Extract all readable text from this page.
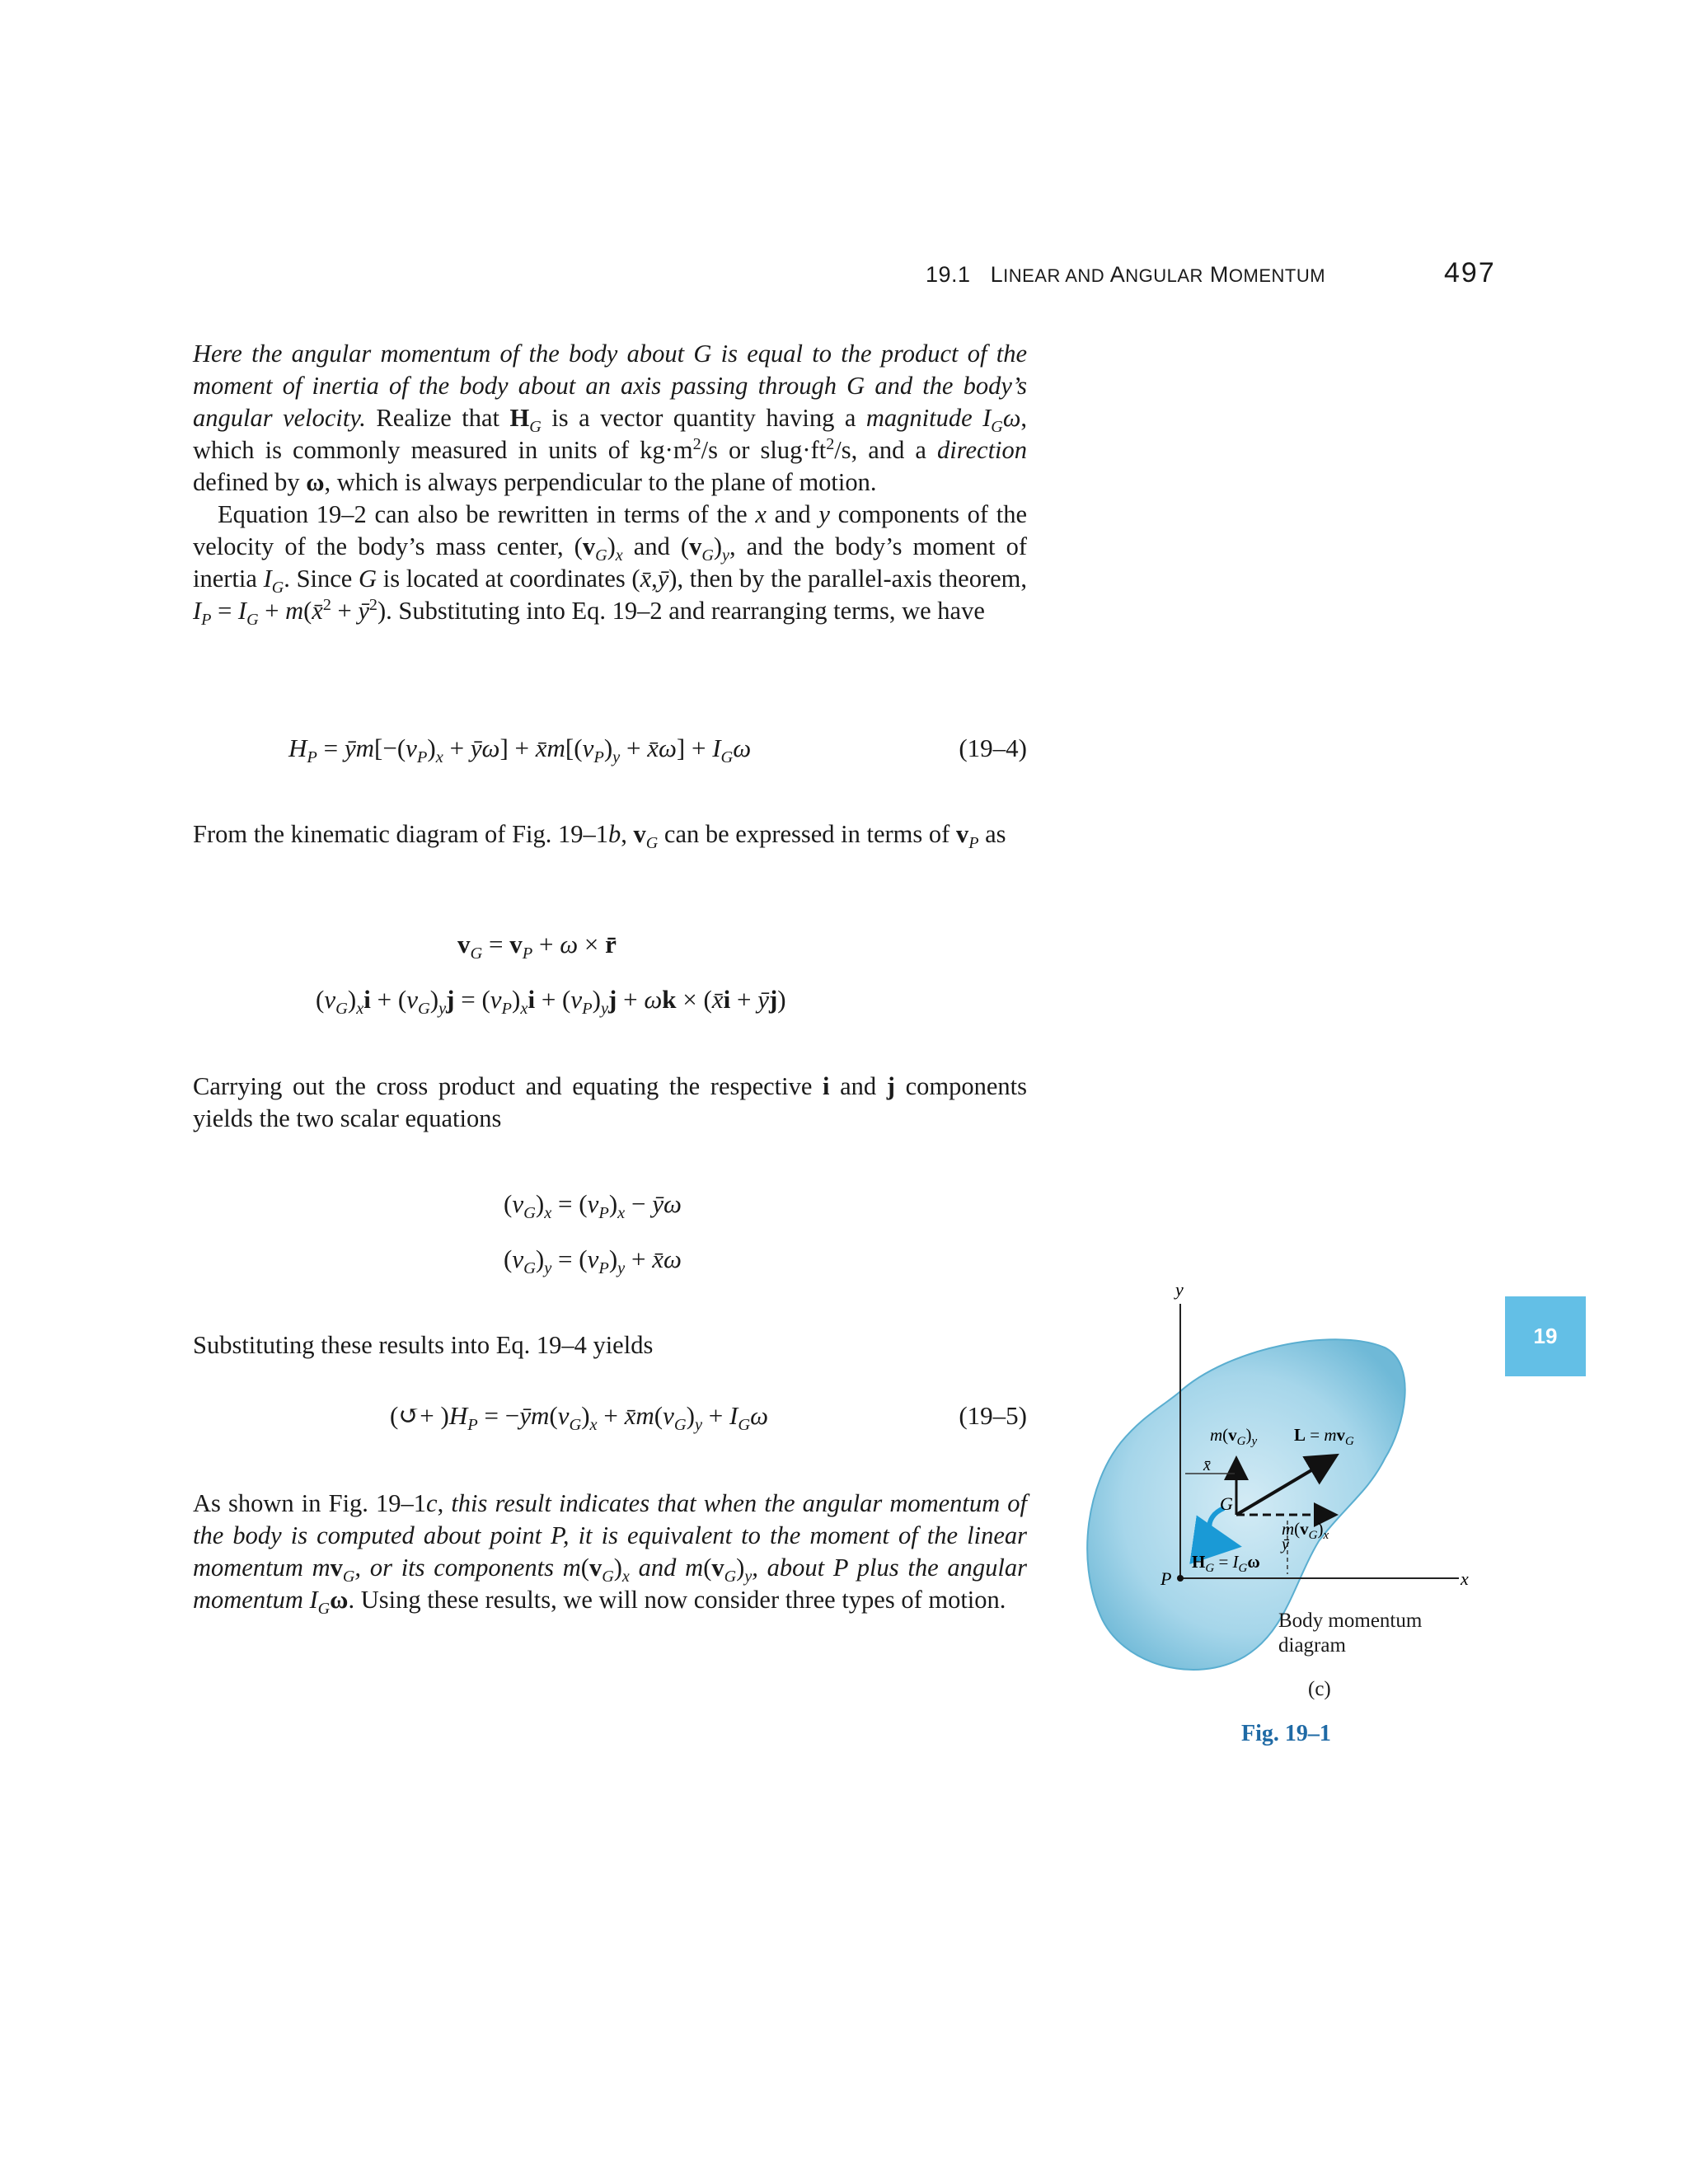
19.1 LINEAR AND ANGULAR MOMENTUM	497

Here the angular momentum of the body about G is equal to the product of the moment of inertia of the body about an axis passing through G and the body’s angular velocity. Realize that $H_G$ is a vector quantity having a magnitude $I_G\omega$, which is commonly measured in units of $kg\cdot m^2/s$ or $slug\cdot ft^2/s$, and a direction defined by ω, which is always perpendicular to the plane of motion.

Equation 19–2 can also be rewritten in terms of the x and y components of the velocity of the body’s mass center, $(v_G)_x$ and $(v_G)_y$, and the body’s moment of inertia $I_G$. Since G is located at coordinates (x̄,ȳ), then by the parallel-axis theorem, $I_P = I_G$ + m(x̄$^2$ + $ȳ^2$). Substituting into Eq. 19–2 and rearranging terms, we have

$H_P$ = $ȳm[-(v_P)_x$ + ȳω] + $x̄m[(v_P)_y$ + x̄ω] + $I_G\omega$	(19–4)

From the kinematic diagram of Fig. 19–1b, $v_G$ can be expressed in terms of $v_P$ as

$v_G = v_P + \omega$ × r̄
$(v_G)_xi + (v_G)_yj = (v_P)_xi + (v_P)_yj + \omega k$ × (x̄i + ȳj)

Carrying out the cross product and equating the respective i and j components yields the two scalar equations

$(v_G)_x = (v_P)_x$ − ȳω
$(v_G)_y = (v_P)_y$ + x̄ω

Substituting these results into Eq. 19–4 yields

(↺+ )$H_P$ = $-ȳm(v_G)_x$ + $x̄m(v_G)_y + I_G\omega$	(19–5)

As shown in Fig. 19–1c, this result indicates that when the angular momentum of the body is computed about point P, it is equivalent to the moment of the linear momentum $mv_G$, or its components $m(v_G)_x$ and $m(v_G)_y$, about P plus the angular momentum $I_G\omega$. Using these results, we will now consider three types of motion.

19
y
x
P
G
$m(v_G)_y$ $L = mv_G$
x̄
$m(v_G)_x$
ȳ
$H_G = I_G\omega$
Body momentum
diagram
(c)
Fig. 19–1
